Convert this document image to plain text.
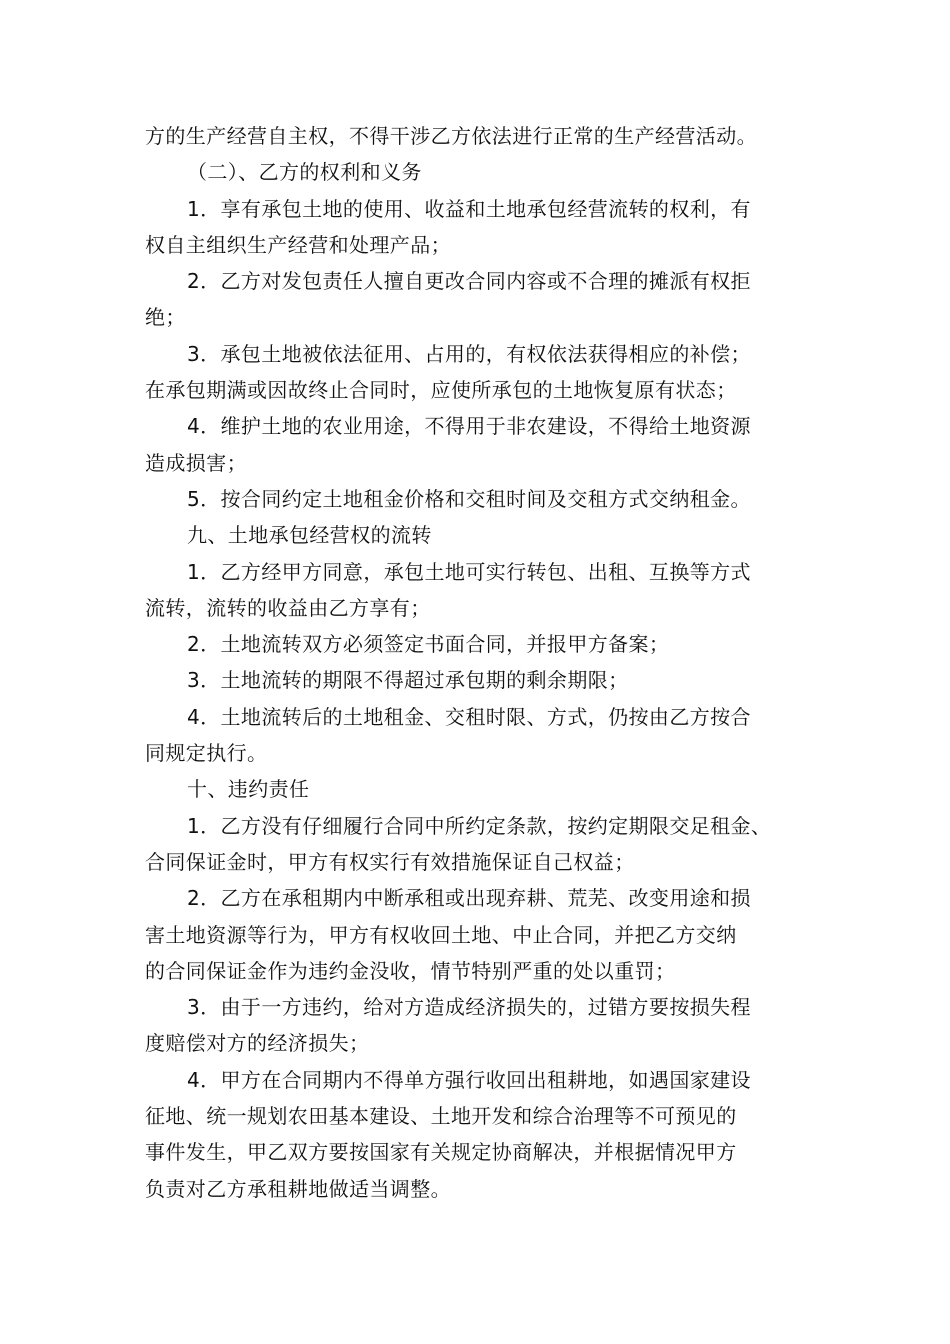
方的生产经营自主权，不得干涉乙方依法进行正常的生产经营活动。
（二）、乙方的权利和义务
1．享有承包土地的使用、收益和土地承包经营流转的权利，有
权自主组织生产经营和处理产品；
2．乙方对发包责任人擅自更改合同内容或不合理的摊派有权拒
绝；
3．承包土地被依法征用、占用的，有权依法获得相应的补偿；
在承包期满或因故终止合同时，应使所承包的土地恢复原有状态；
4．维护土地的农业用途，不得用于非农建设，不得给土地资源
造成损害；
5．按合同约定土地租金价格和交租时间及交租方式交纳租金。
九、土地承包经营权的流转
1．乙方经甲方同意，承包土地可实行转包、出租、互换等方式
流转，流转的收益由乙方享有；
2．土地流转双方必须签定书面合同，并报甲方备案；
3．土地流转的期限不得超过承包期的剩余期限；
4．土地流转后的土地租金、交租时限、方式，仍按由乙方按合
同规定执行。
十、违约责任
1．乙方没有仔细履行合同中所约定条款，按约定期限交足租金、
合同保证金时，甲方有权实行有效措施保证自己权益；
2．乙方在承租期内中断承租或出现弃耕、荒芜、改变用途和损
害土地资源等行为，甲方有权收回土地、中止合同，并把乙方交纳
的合同保证金作为违约金没收，情节特别严重的处以重罚；
3．由于一方违约，给对方造成经济损失的，过错方要按损失程
度赔偿对方的经济损失；
4．甲方在合同期内不得单方强行收回出租耕地，如遇国家建设
征地、统一规划农田基本建设、土地开发和综合治理等不可预见的
事件发生，甲乙双方要按国家有关规定协商解决，并根据情况甲方
负责对乙方承租耕地做适当调整。
